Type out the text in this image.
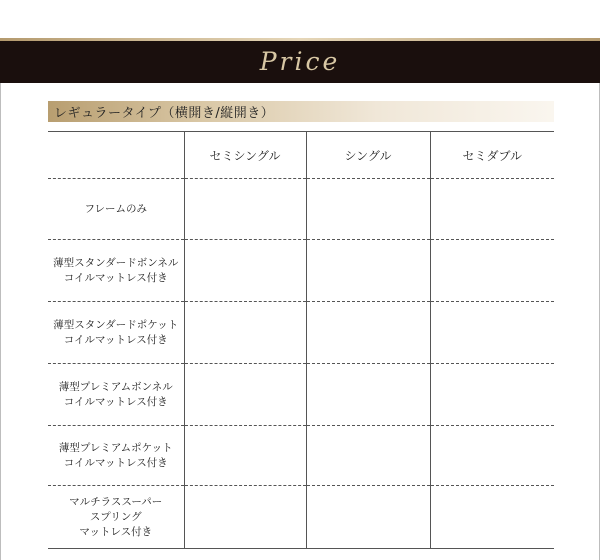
Price
レギュラータイプ（横開き/縦開き）
	セミシングル	シングル	セミダブル

フレームのみ			

薄型スタンダードボンネル
コイルマットレス付き			

薄型スタンダードポケット
コイルマットレス付き			

薄型プレミアムボンネル
コイルマットレス付き			

薄型プレミアムポケット
コイルマットレス付き			

マルチラススーパー
スプリング
マットレス付き			
